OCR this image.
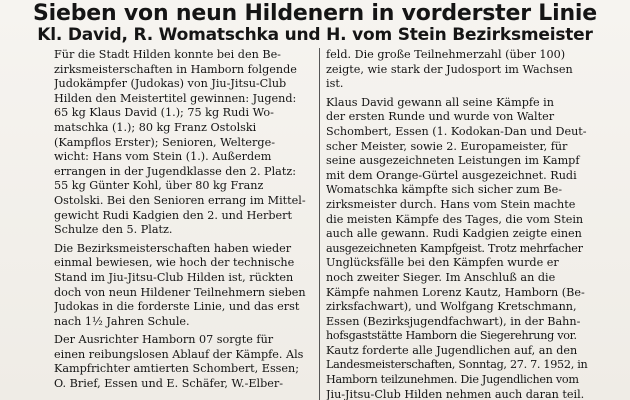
Sieben von neun Hildenern in vorderster Linie
Kl. David, R. Womatschka und H. vom Stein Bezirksmeister
Für die Stadt Hilden konnte bei den Be-
zirksmeisterschaften in Hamborn folgende
Judokämpfer (Judokas) von Jiu-Jitsu-Club
Hilden den Meistertitel gewinnen: Jugend:
65 kg Klaus David (1.); 75 kg Rudi Wo-
matschka (1.); 80 kg Franz Ostolski
(Kampflos Erster); Senioren, Weltergе-
wicht: Hans vom Stein (1.). Außerdem
errangen in der Jugendklasse den 2. Platz:
55 kg Günter Kohl, über 80 kg Franz
Ostolski. Bei den Senioren errang im Mittel-
gewicht Rudi Kadgien den 2. und Herbert
Schulze den 5. Platz.
Die Bezirksmeisterschaften haben wieder
einmal bewiesen, wie hoch der technische
Stand im Jiu-Jitsu-Club Hilden ist, rückten
doch von neun Hildener Teilnehmern sieben
Judokas in die forderste Linie, und das erst
nach 1½ Jahren Schule.
Der Ausrichter Hamborn 07 sorgte für
einen reibungslosen Ablauf der Kämpfe. Als
Kampfrichter amtierten Schombert, Essen;
O. Brief, Essen und E. Schäfer, W.-Elber-
feld. Die große Teilnehmerzahl (über 100)
zeigte, wie stark der Judosport im Wachsen
ist.
Klaus David gewann all seine Kämpfe in
der ersten Runde und wurde von Walter
Schombert, Essen (1. Kodokan-Dan und Deut-
scher Meister, sowie 2. Europameister, für
seine ausgezeichneten Leistungen im Kampf
mit dem Orange-Gürtel ausgezeichnet. Rudi
Womatschka kämpfte sich sicher zum Be-
zirksmeister durch. Hans vom Stein machte
die meisten Kämpfe des Tages, die vom Stein
auch alle gewann. Rudi Kadgien zeigte einen
ausgezeichneten Kampfgeist. Trotz mehrfacher
Unglücksfälle bei den Kämpfen wurde er
noch zweiter Sieger. Im Anschluß an die
Kämpfe nahmen Lorenz Kautz, Hamborn (Be-
zirksfachwart), und Wolfgang Kretschmann,
Essen (Bezirksjugendfachwart), in der Bahn-
hofsgaststätte Hamborn die Siegerehrung vor.
Kautz forderte alle Jugendlichen auf, an den
Landesmeisterschaften, Sonntag, 27. 7. 1952, in
Hamborn teilzunehmen. Die Jugendlichen vom
Jiu-Jitsu-Club Hilden nehmen auch daran teil.
